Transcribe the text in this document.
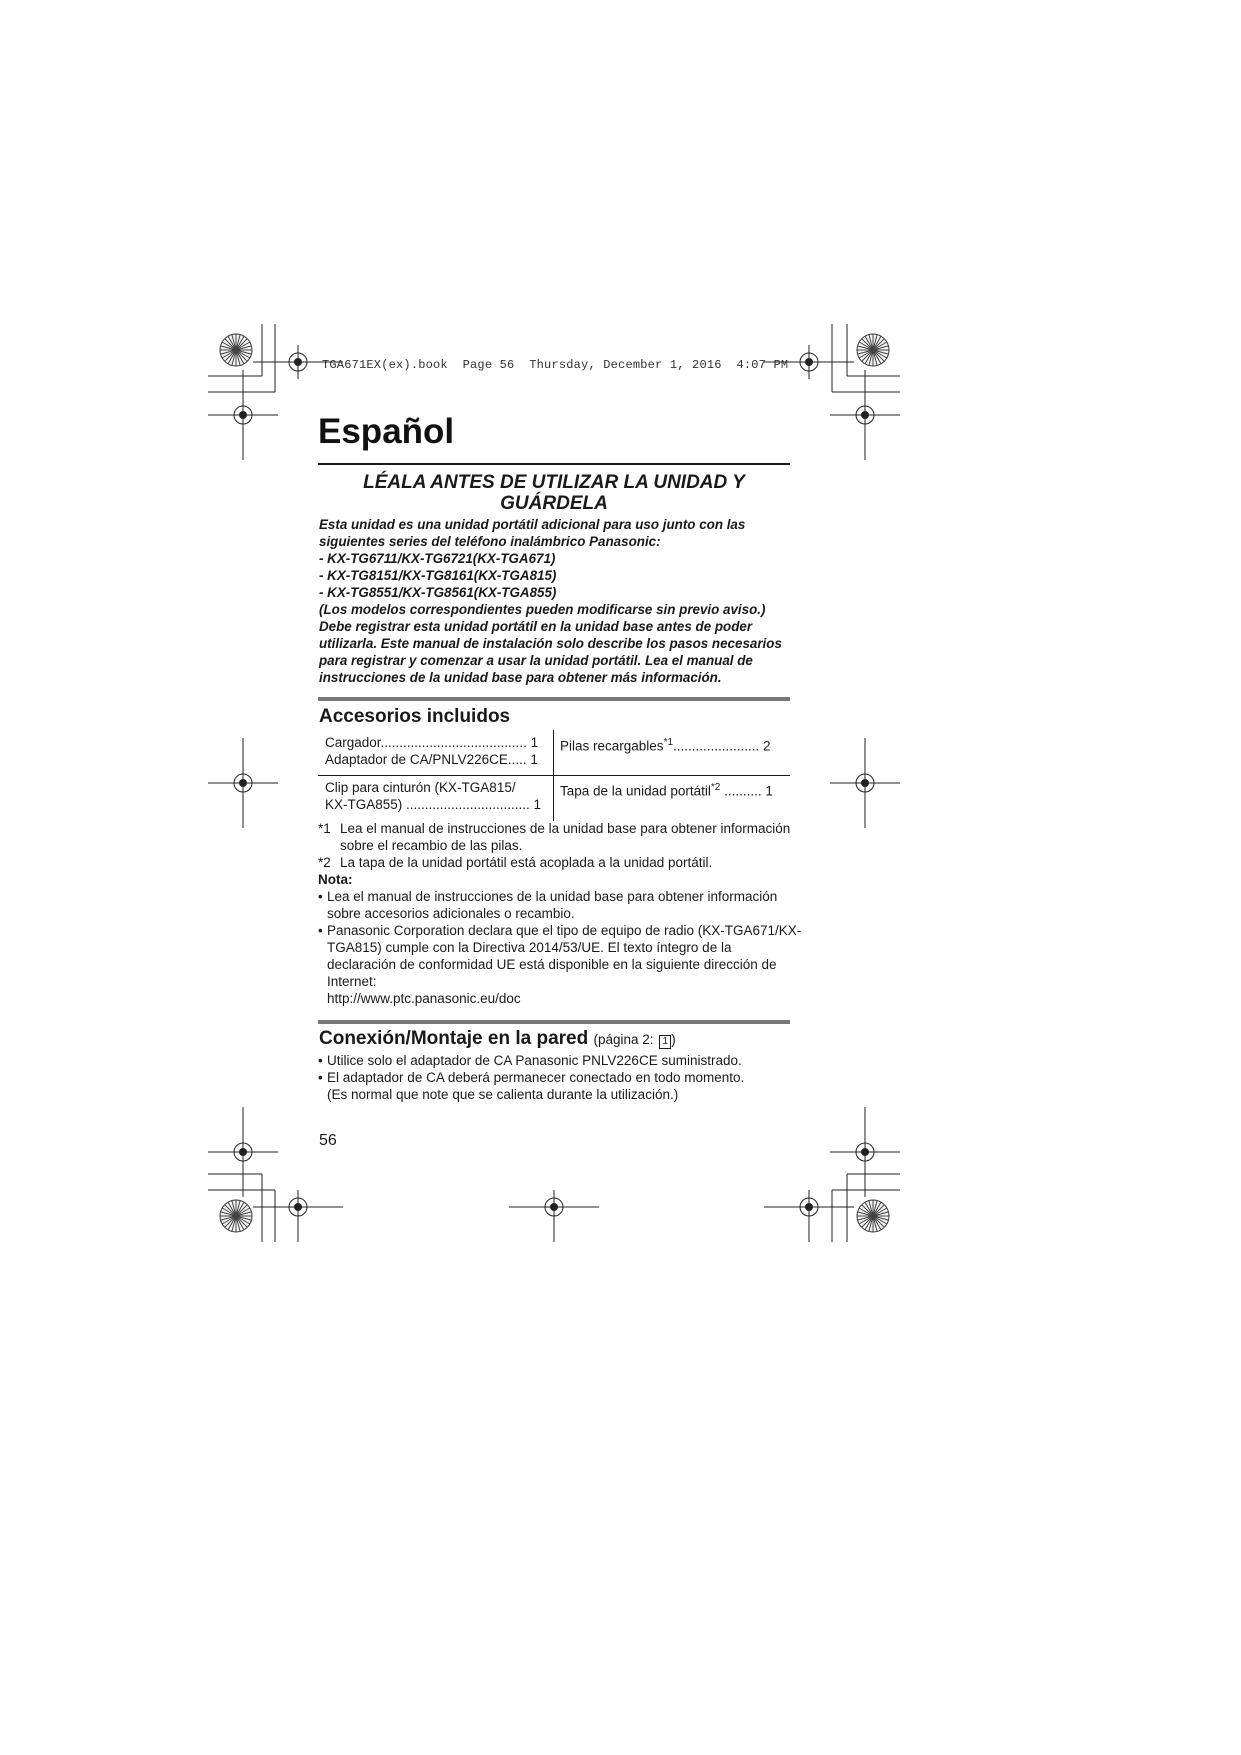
TGA671EX(ex).book  Page 56  Thursday, December 1, 2016  4:07 PM
Español
LÉALA ANTES DE UTILIZAR LA UNIDAD Y
GUÁRDELA
Esta unidad es una unidad portátil adicional para uso junto con las
siguientes series del teléfono inalámbrico Panasonic:
- KX-TG6711/KX-TG6721(KX-TGA671)
- KX-TG8151/KX-TG8161(KX-TGA815)
- KX-TG8551/KX-TG8561(KX-TGA855)
(Los modelos correspondientes pueden modificarse sin previo aviso.)
Debe registrar esta unidad portátil en la unidad base antes de poder
utilizarla. Este manual de instalación solo describe los pasos necesarios
para registrar y comenzar a usar la unidad portátil. Lea el manual de
instrucciones de la unidad base para obtener más información.
Accesorios incluidos
Cargador....................................... 1
Adaptador de CA/PNLV226CE..... 1
Pilas recargables$^{*1}$....................... 2
Clip para cinturón (KX-TGA815/
KX-TGA855) ................................. 1
Tapa de la unidad portátil$^{*2}$ .......... 1
*1 Lea el manual de instrucciones de la unidad base para obtener información
sobre el recambio de las pilas.
*2 La tapa de la unidad portátil está acoplada a la unidad portátil.
Nota:
• Lea el manual de instrucciones de la unidad base para obtener información
sobre accesorios adicionales o recambio.
• Panasonic Corporation declara que el tipo de equipo de radio (KX-TGA671/KX-
TGA815) cumple con la Directiva 2014/53/UE. El texto íntegro de la
declaración de conformidad UE está disponible en la siguiente dirección de
Internet:
http://www.ptc.panasonic.eu/doc
Conexión/Montaje en la pared (página 2: 1 )
• Utilice solo el adaptador de CA Panasonic PNLV226CE suministrado.
• El adaptador de CA deberá permanecer conectado en todo momento.
(Es normal que note que se calienta durante la utilización.)
56
